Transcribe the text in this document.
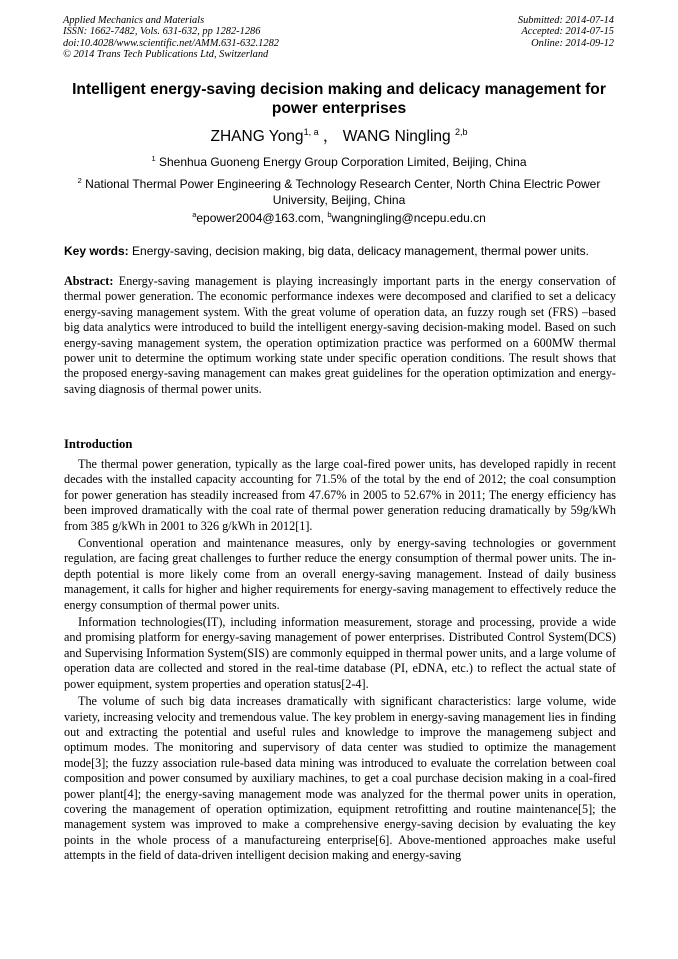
Applied Mechanics and Materials
ISSN: 1662-7482, Vols. 631-632, pp 1282-1286
doi:10.4028/www.scientific.net/AMM.631-632.1282
© 2014 Trans Tech Publications Ltd, Switzerland
Submitted: 2014-07-14
Accepted: 2014-07-15
Online: 2014-09-12
Intelligent energy-saving decision making and delicacy management for
power enterprises
ZHANG Yong$^{1, a}$ ， WANG Ningling $^{2,b}$
$^1$ Shenhua Guoneng Energy Group Corporation Limited, Beijing, China
$^2$ National Thermal Power Engineering & Technology Research Center, North China Electric Power
University, Beijing, China
$^a$epower2004@163.com, $^b$wangningling@ncepu.edu.cn
Key words: Energy-saving, decision making, big data, delicacy management, thermal power units.
Abstract: Energy-saving management is playing increasingly important parts in the energy conservation of thermal power generation. The economic performance indexes were decomposed and clarified to set a delicacy energy-saving management system. With the great volume of operation data, an fuzzy rough set (FRS) –based big data analytics were introduced to build the intelligent energy-saving decision-making model. Based on such energy-saving management system, the operation optimization practice was performed on a 600MW thermal power unit to determine the optimum working state under specific operation conditions. The result shows that the proposed energy-saving management can makes great guidelines for the operation optimization and energy-saving diagnosis of thermal power units.
Introduction

The thermal power generation, typically as the large coal-fired power units, has developed rapidly in recent decades with the installed capacity accounting for 71.5% of the total by the end of 2012; the coal consumption for power generation has steadily increased from 47.67% in 2005 to 52.67% in 2011; The energy efficiency has been improved dramatically with the coal rate of thermal power generation reducing dramatically by 59g/kWh from 385 g/kWh in 2001 to 326 g/kWh in 2012[1].

Conventional operation and maintenance measures, only by energy-saving technologies or government regulation, are facing great challenges to further reduce the energy consumption of thermal power units. The in-depth potential is more likely come from an overall energy-saving management. Instead of daily business management, it calls for higher and higher requirements for energy-saving management to effectively reduce the energy consumption of thermal power units.

Information technologies(IT), including information measurement, storage and processing, provide a wide and promising platform for energy-saving management of power enterprises. Distributed Control System(DCS) and Supervising Information System(SIS) are commonly equipped in thermal power units, and a large volume of operation data are collected and stored in the real-time database (PI, eDNA, etc.) to reflect the actual state of power equipment, system properties and operation status[2-4].

The volume of such big data increases dramatically with significant characteristics: large volume, wide variety, increasing velocity and tremendous value. The key problem in energy-saving management lies in finding out and extracting the potential and useful rules and knowledge to improve the managemeng subject and optimum modes. The monitoring and supervisory of data center was studied to optimize the management mode[3]; the fuzzy association rule-based data mining was introduced to evaluate the correlation between coal composition and power consumed by auxiliary machines, to get a coal purchase decision making in a coal-fired power plant[4]; the energy-saving management mode was analyzed for the thermal power units in operation, covering the management of operation optimization, equipment retrofitting and routine maintenance[5]; the management system was improved to make a comprehensive energy-saving decision by evaluating the key points in the whole process of a manufactureing enterprise[6]. Above-mentioned approaches make useful attempts in the field of data-driven intelligent decision making and energy-saving
